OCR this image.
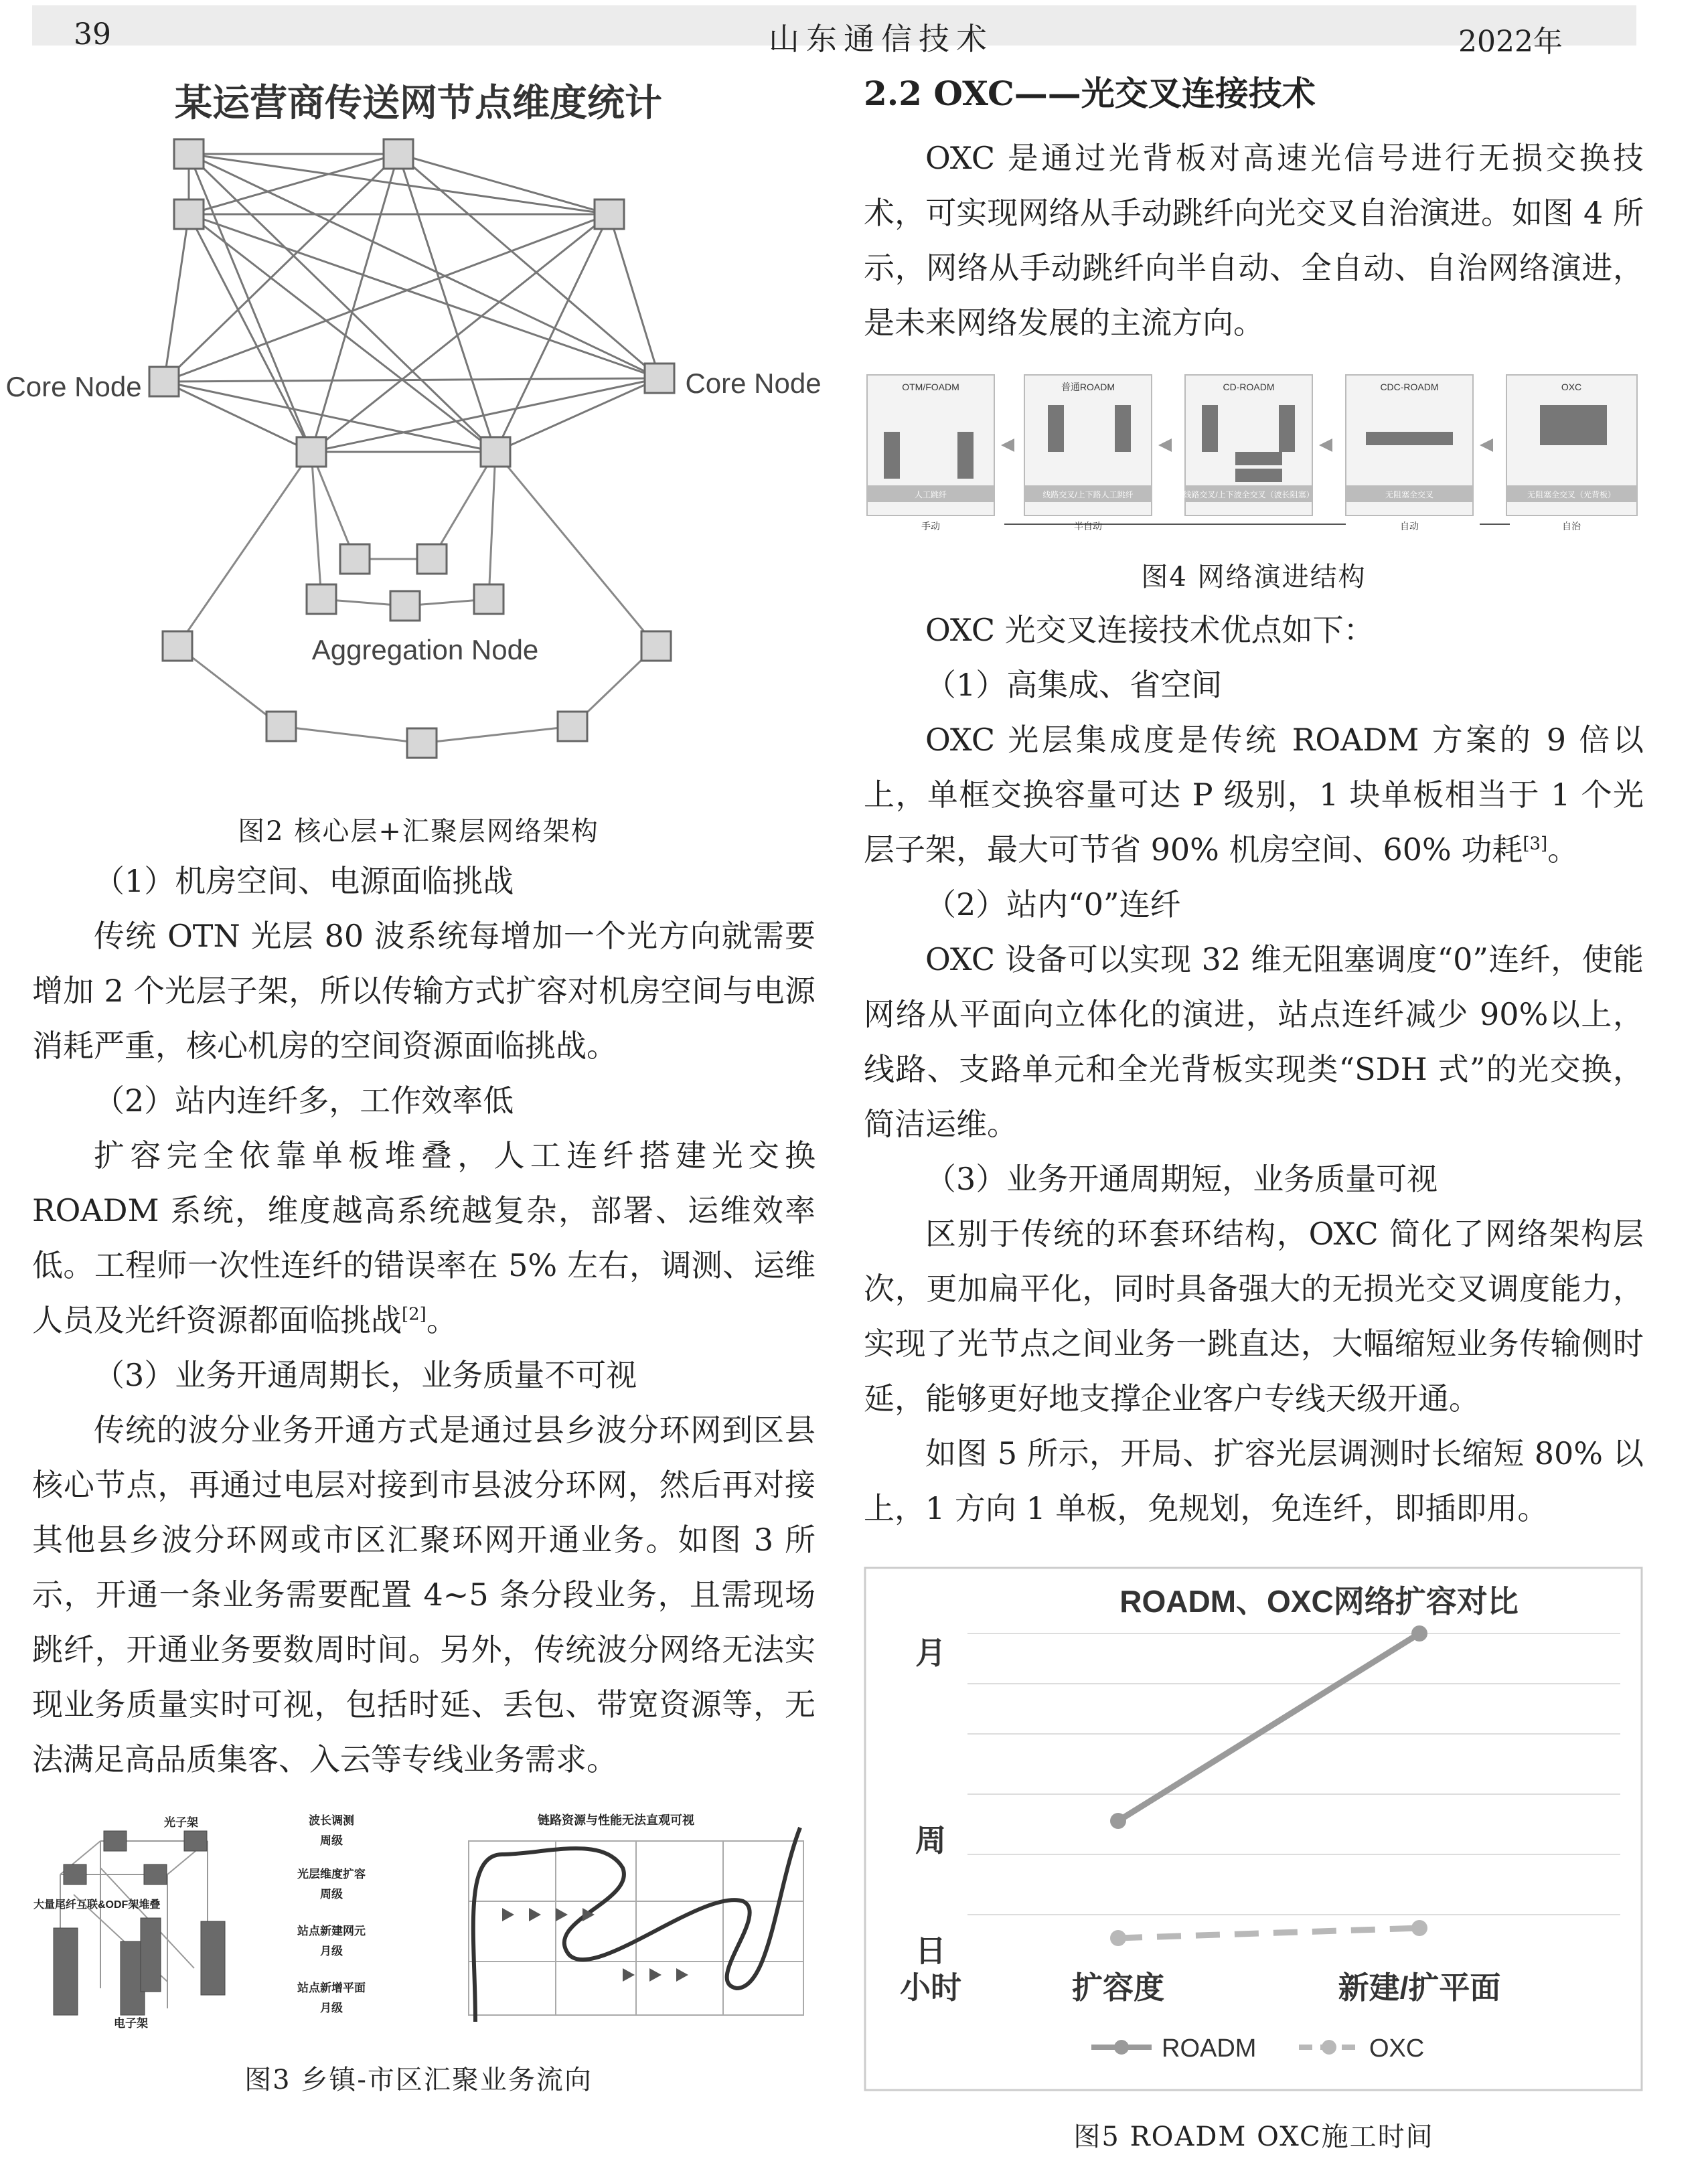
39	山东通信技术	2022年
某运营商传送网节点维度统计
Core Node	Core Node
Aggregation Node
图2 核心层+汇聚层网络架构

（1）机房空间、电源面临挑战

传统 OTN 光层 80 波系统每增加一个光方向就需要增加 2 个光层子架，所以传输方式扩容对机房空间与电源消耗严重，核心机房的空间资源面临挑战。

（2）站内连纤多，工作效率低

扩容完全依靠单板堆叠，人工连纤搭建光交换 ROADM 系统，维度越高系统越复杂，部署、运维效率低。工程师一次性连纤的错误率在 5% 左右，调测、运维人员及光纤资源都面临挑战[2]。

（3）业务开通周期长，业务质量不可视

传统的波分业务开通方式是通过县乡波分环网到区县核心节点，再通过电层对接到市县波分环网，然后再对接其他县乡波分环网或市区汇聚环网开通业务。如图 3 所示，开通一条业务需要配置 4~5 条分段业务，且需现场跳纤，开通业务要数周时间。另外，传统波分网络无法实现业务质量实时可视，包括时延、丢包、带宽资源等，无法满足高品质集客、入云等专线业务需求。

光子架
大量尾纤互联&ODF架堆叠
电子架
波长调测
周级
光层维度扩容
周级
站点新建网元
月级
站点新增平面
月级
链路资源与性能无法直观可视
图3 乡镇-市区汇聚业务流向
2.2 OXC——光交叉连接技术

OXC 是通过光背板对高速光信号进行无损交换技术，可实现网络从手动跳纤向光交叉自治演进。如图 4 所示，网络从手动跳纤向半自动、全自动、自治网络演进，是未来网络发展的主流方向。

OTM/FOADM	普通ROADM	CD-ROADM	CDC-ROADM	OXC
人工跳纤	线路交叉/上下路人工跳纤	线路交叉/上下波全交叉（波长阻塞）	无阻塞全交叉	无阻塞全交叉（光背板）
手动	半自动	自动	自治
图4 网络演进结构

OXC 光交叉连接技术优点如下：

（1）高集成、省空间

OXC 光层集成度是传统 ROADM 方案的 9 倍以上，单框交换容量可达 P 级别，1 块单板相当于 1 个光层子架，最大可节省 90% 机房空间、60% 功耗[3]。

（2）站内“0”连纤

OXC 设备可以实现 32 维无阻塞调度“0”连纤，使能网络从平面向立体化的演进，站点连纤减少 90%以上，线路、支路单元和全光背板实现类“SDH 式”的光交换，简洁运维。

（3）业务开通周期短，业务质量可视

区别于传统的环套环结构，OXC 简化了网络架构层次，更加扁平化，同时具备强大的无损光交叉调度能力，实现了光节点之间业务一跳直达，大幅缩短业务传输侧时延，能够更好地支撑企业客户专线天级开通。

如图 5 所示，开局、扩容光层调测时长缩短 80% 以上，1 方向 1 单板，免规划，免连纤，即插即用。

ROADM、OXC网络扩容对比
小时
日
周
月
扩容度	新建/扩平面
ROADM	OXC
图5 ROADM OXC施工时间
